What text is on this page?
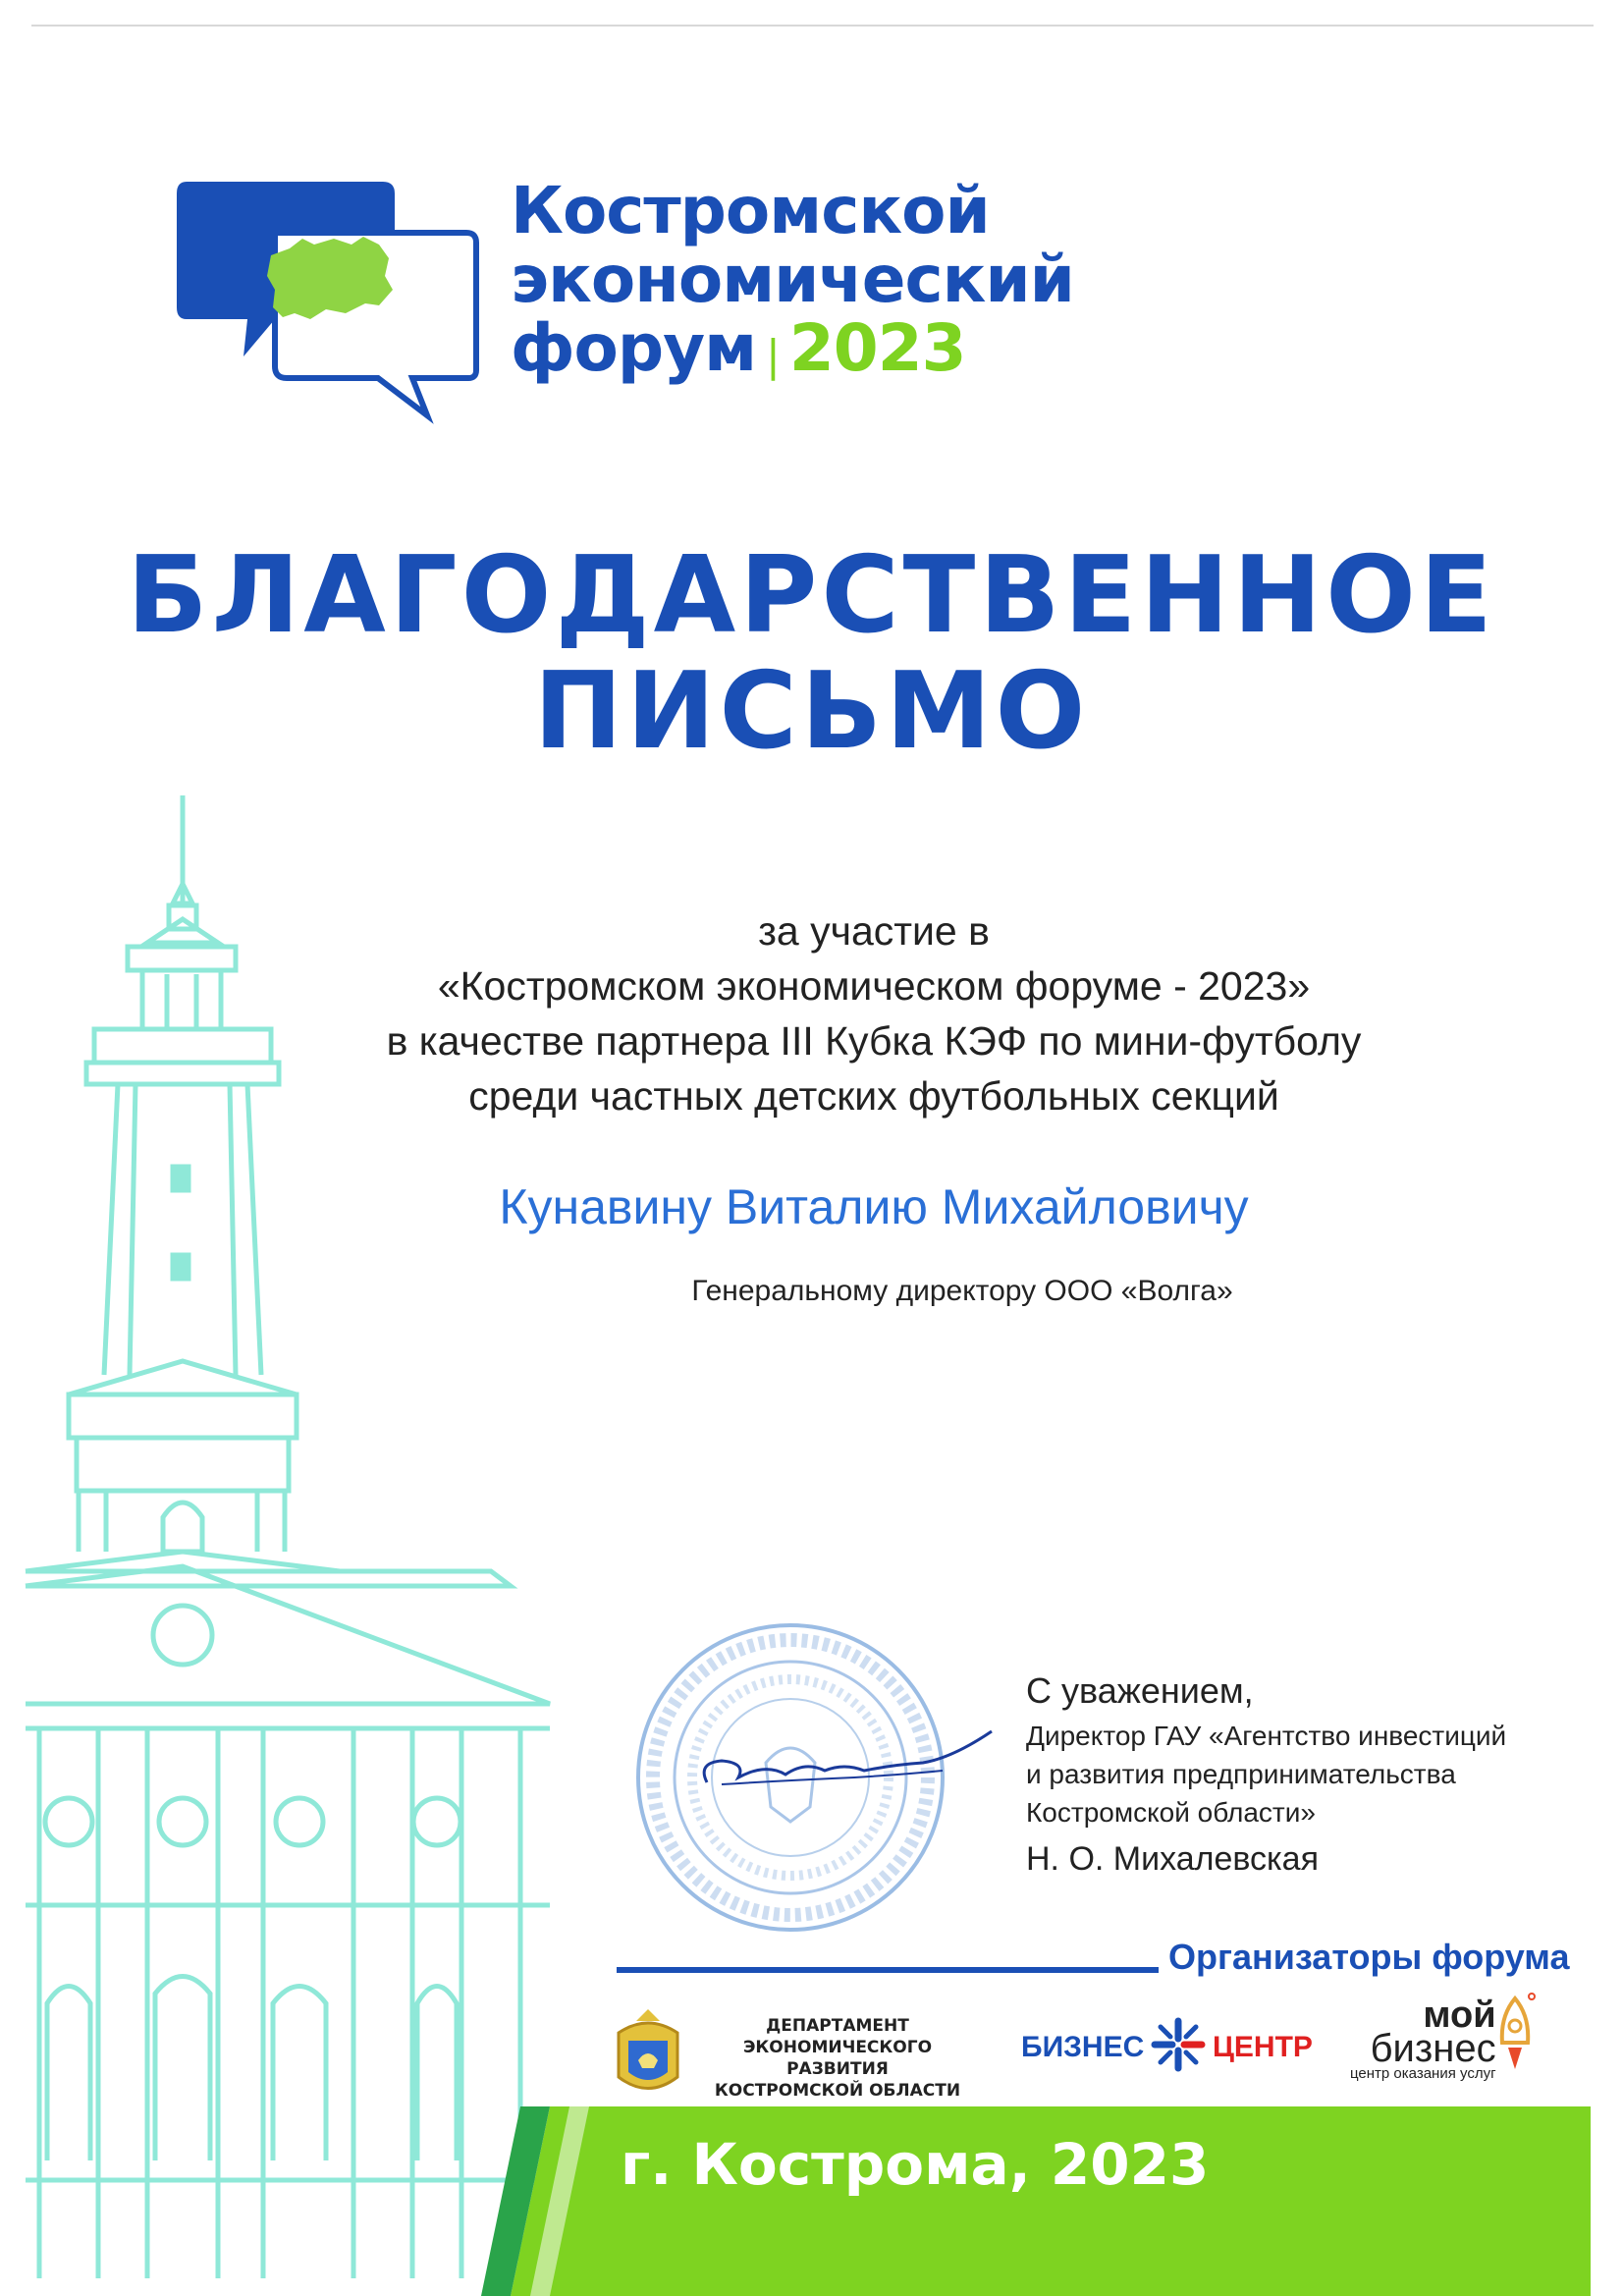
Костромской
экономический
форум | 2023
БЛАГОДАРСТВЕННОЕ
ПИСЬМО
за участие в
«Костромском экономическом форуме - 2023»
в качестве партнера III Кубка КЭФ по мини-футболу
среди частных детских футбольных секций
Кунавину Виталию Михайловичу
Генеральному директору ООО «Волга»
С уважением,
Директор ГАУ «Агентство инвестиций
и развития предпринимательства
Костромской области»
Н. О. Михалевская
Организаторы форума
ДЕПАРТАМЕНТ
ЭКОНОМИЧЕСКОГО РАЗВИТИЯ
КОСТРОМСКОЙ ОБЛАСТИ
БИЗНЕС ЦЕНТР
мой
бизнес
центр оказания услуг
г. Кострома, 2023
